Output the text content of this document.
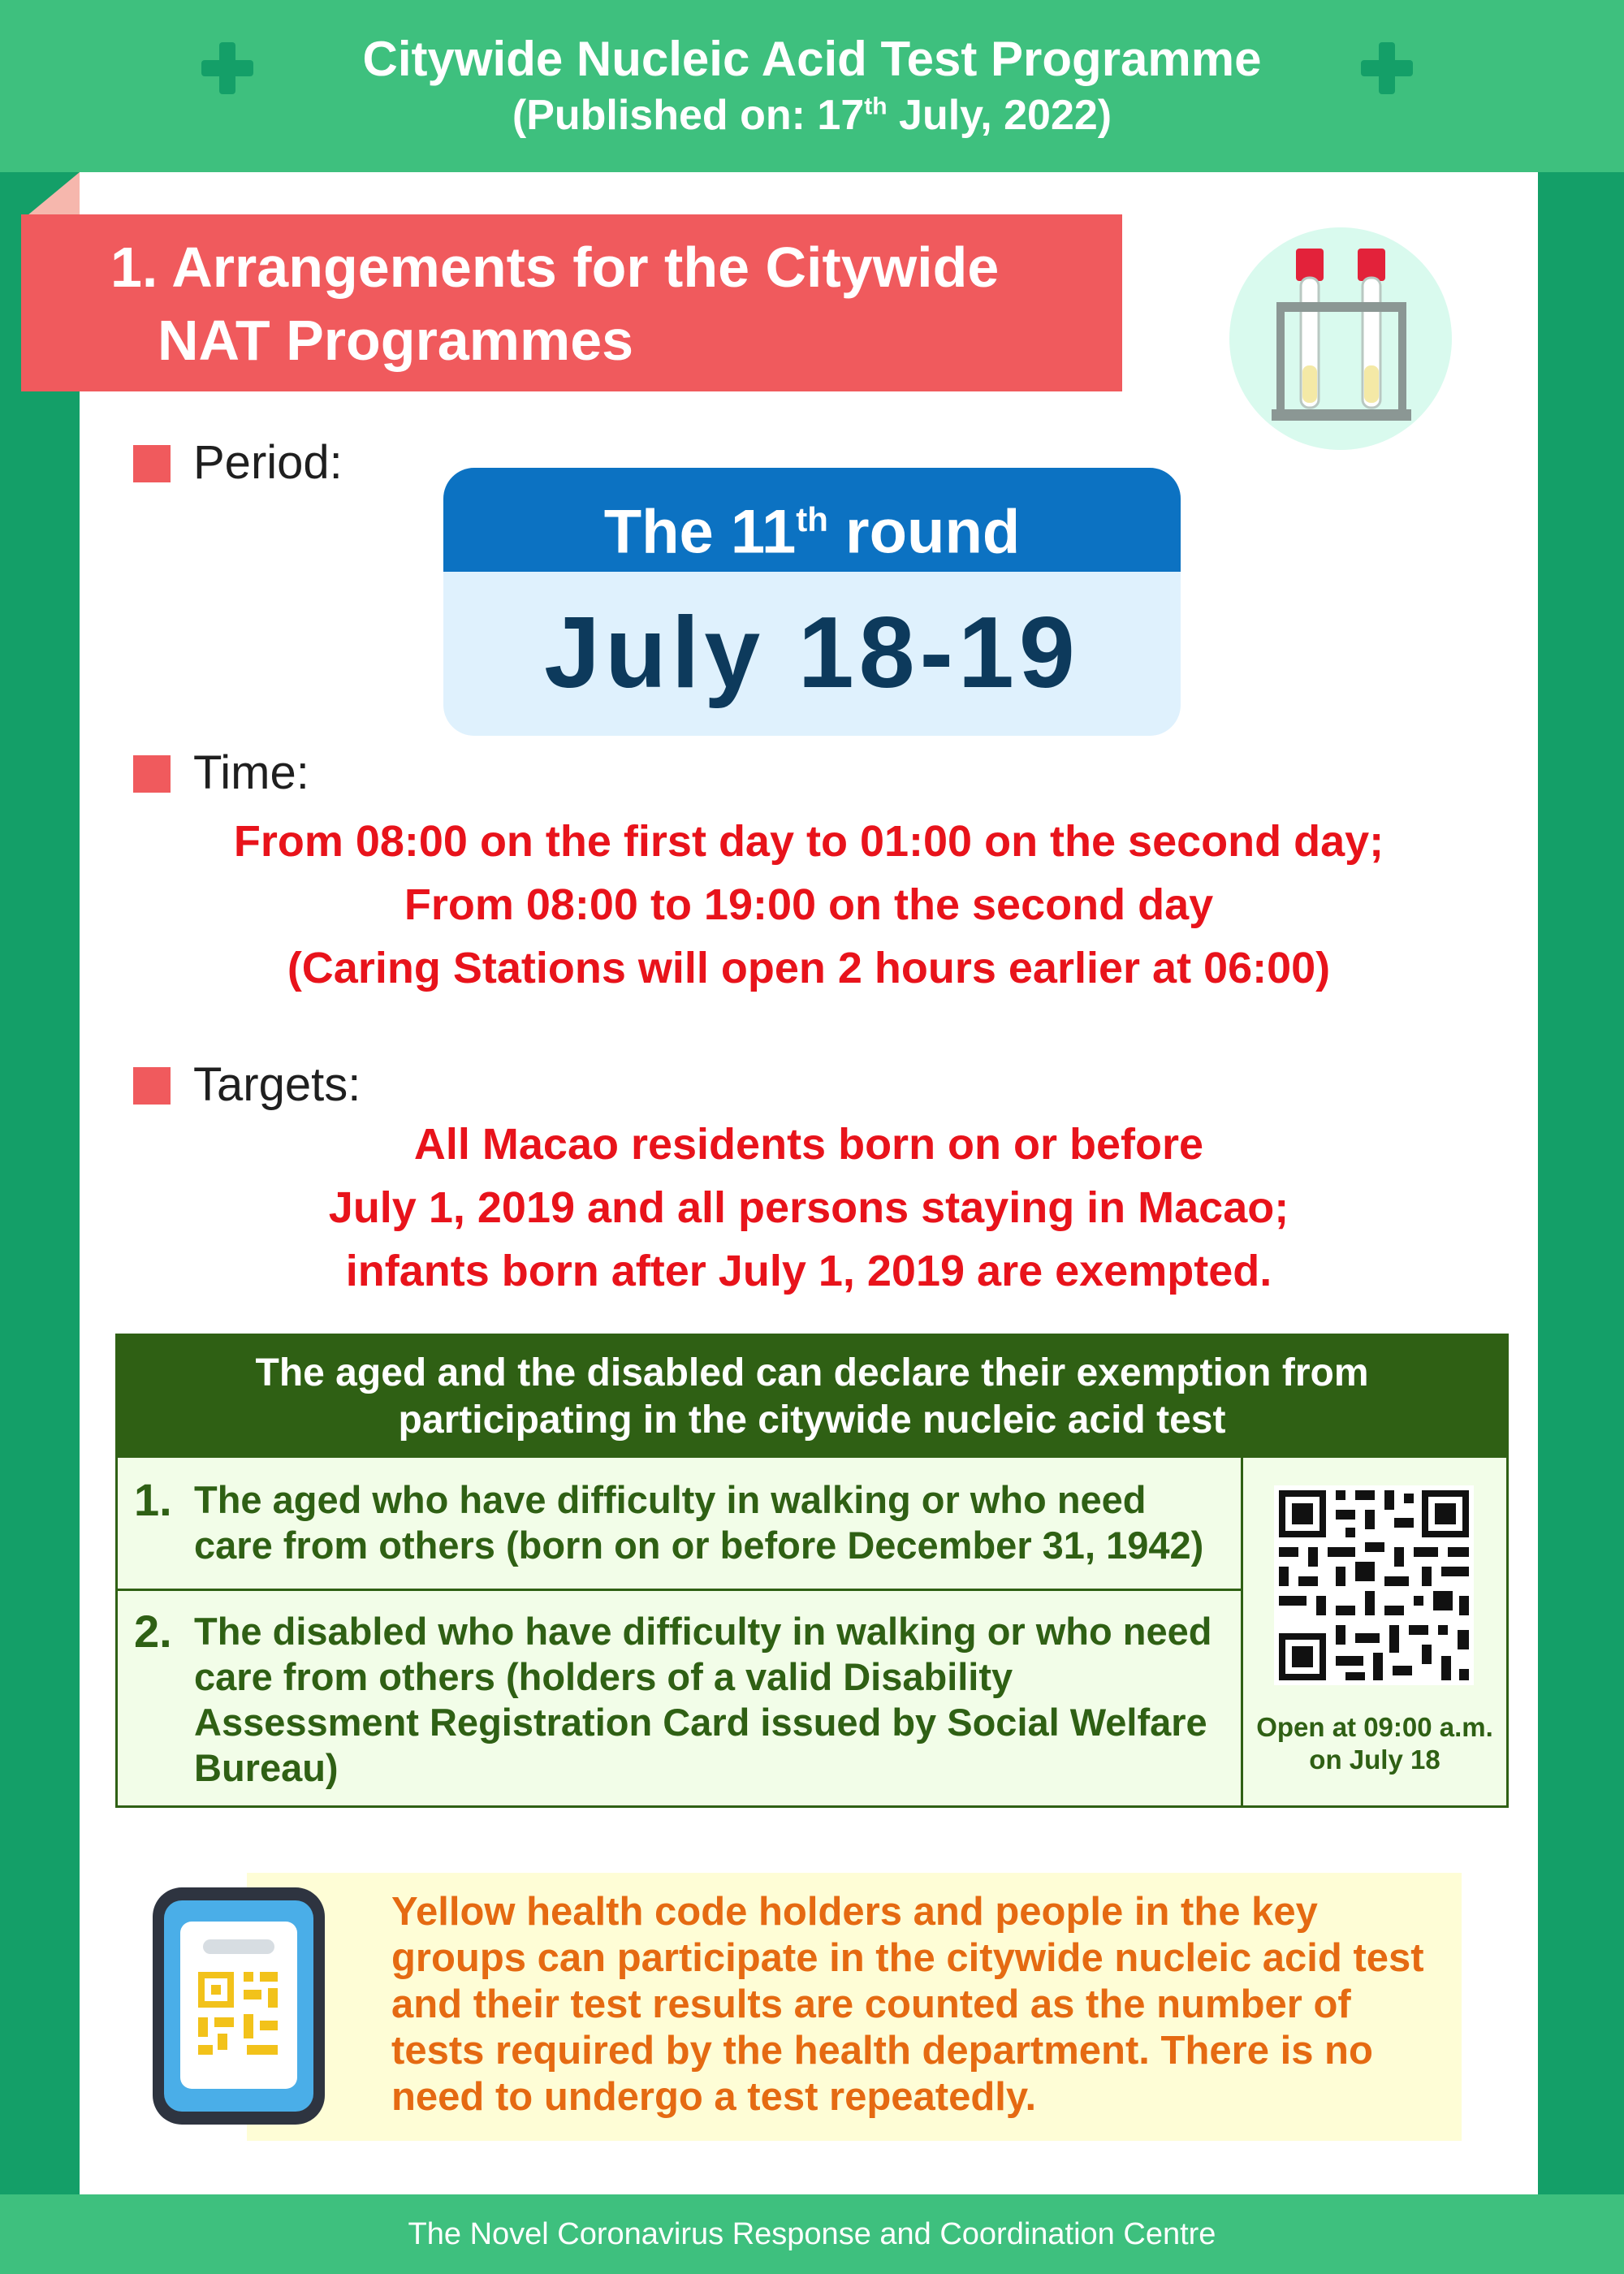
Citywide Nucleic Acid Test Programme
(Published on: 17th July, 2022)
1. Arrangements for the Citywide
NAT Programmes
Period:
The 11th round
July 18-19
Time:
From 08:00 on the first day to 01:00 on the second day;
From 08:00 to 19:00 on the second day
(Caring Stations will open 2 hours earlier at 06:00)
Targets:
All Macao residents born on or before
July 1, 2019 and all persons staying in Macao;
infants born after July 1, 2019 are exempted.
The aged and the disabled can declare their exemption from
participating in the citywide nucleic acid test
1. The aged who have difficulty in walking or who need care from others (born on or before December 31, 1942)
2. The disabled who have difficulty in walking or who need care from others (holders of a valid Disability Assessment Registration Card issued by Social Welfare Bureau)
Open at 09:00 a.m.
on July 18
Yellow health code holders and people in the key groups can participate in the citywide nucleic acid test and their test results are counted as the number of tests required by the health department. There is no need to undergo a test repeatedly.
The Novel Coronavirus Response and Coordination Centre
